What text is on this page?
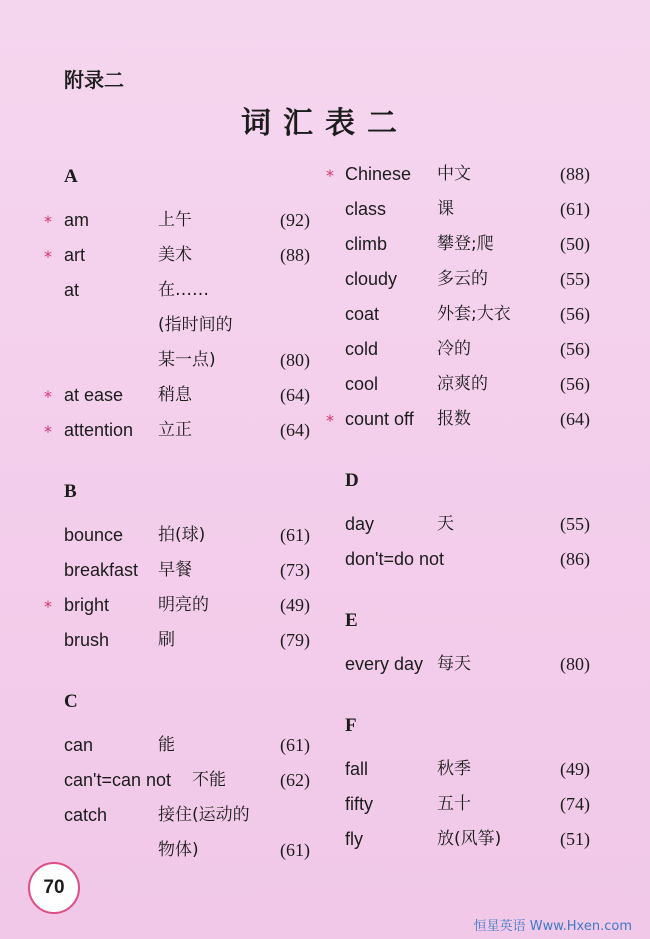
附录二
词汇表二
A
* am	上午	(92)
* art	美术	(88)
at	在……
(指时间的
某一点)	(80)
* at ease 稍息	(64)
* attention 立正	(64)
B
bounce 拍(球)	(61)
breakfast 早餐	(73)
* bright	明亮的	(49)
brush	刷	(79)
C
can	能	(61)
can't=can not 不能	(62)
catch	接住(运动的
物体)	(61)
* Chinese 中文	(88)
class	课	(61)
climb	攀登;爬	(50)
cloudy 多云的	(55)
coat	外套;大衣	(56)
cold	冷的	(56)
cool	凉爽的	(56)
* count off 报数	(64)
D
day	天	(55)
don't=do not	(86)
E
every day 每天	(80)
F
fall	秋季	(49)
fifty	五十	(74)
fly	放(风筝)	(51)
70
恒星英语 Www.Hxen.com
